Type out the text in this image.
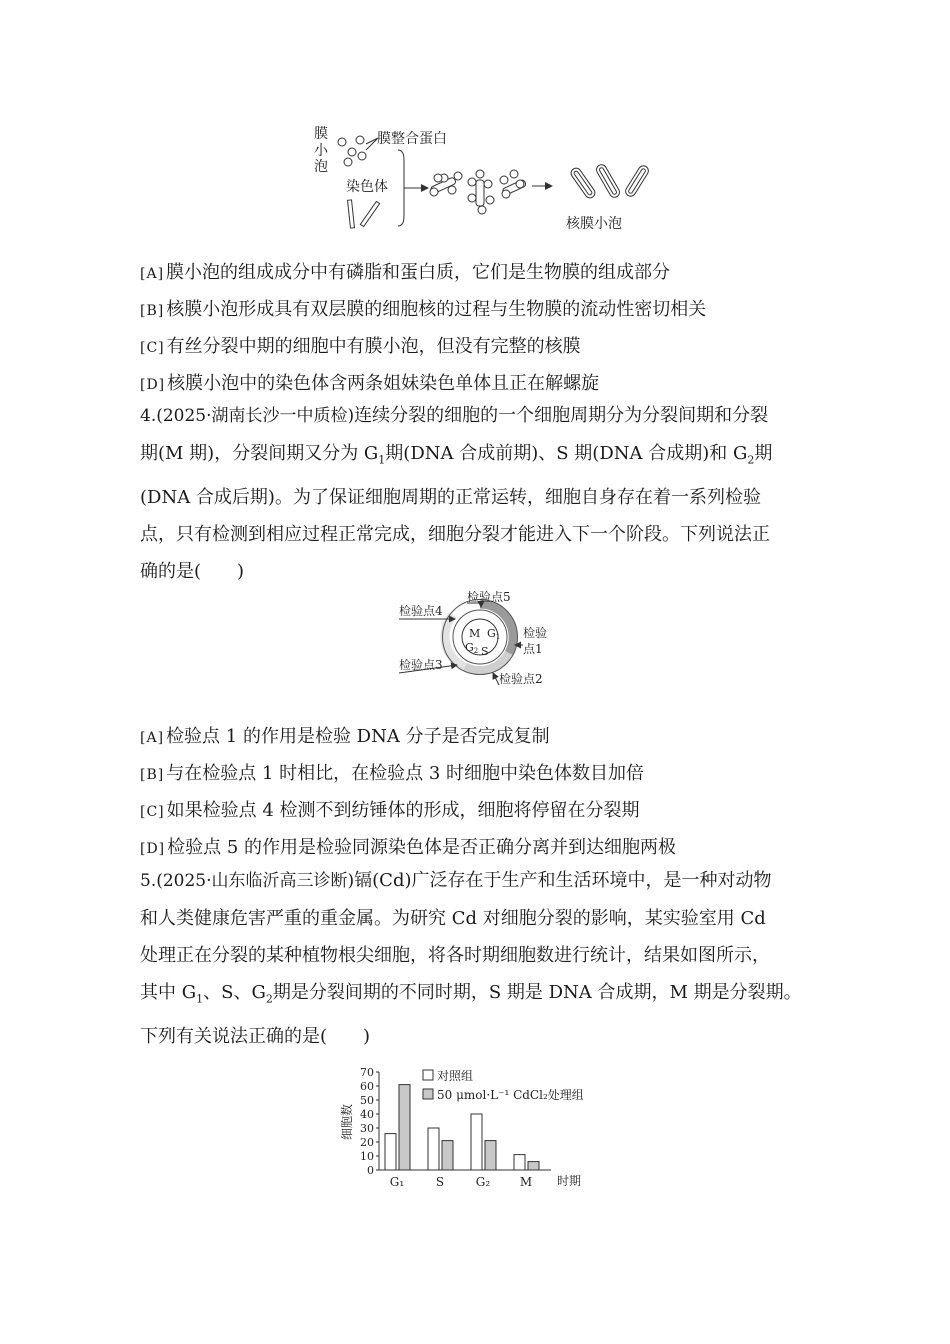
膜
小
泡
膜整合蛋白
染色体
核膜小泡
[A] 膜小泡的组成成分中有磷脂和蛋白质，它们是生物膜的组成部分
[B] 核膜小泡形成具有双层膜的细胞核的过程与生物膜的流动性密切相关
[C] 有丝分裂中期的细胞中有膜小泡，但没有完整的核膜
[D] 核膜小泡中的染色体含两条姐妹染色单体且正在解螺旋
4.(2025·湖南长沙一中质检)连续分裂的细胞的一个细胞周期分为分裂间期和分裂
期(M 期)，分裂间期又分为 $G_1$期(DNA 合成前期)、S 期(DNA 合成期)和 $G_2$期
(DNA 合成后期)。为了保证细胞周期的正常运转，细胞自身存在着一系列检验
点，只有检测到相应过程正常完成，细胞分裂才能进入下一个阶段。下列说法正
确的是(　　)
M G1
G2 S
检验点5
检验点4
检验点3
检验点2
检验
点1
[A] 检验点 1 的作用是检验 DNA 分子是否完成复制
[B] 与在检验点 1 时相比，在检验点 3 时细胞中染色体数目加倍
[C] 如果检验点 4 检测不到纺锤体的形成，细胞将停留在分裂期
[D] 检验点 5 的作用是检验同源染色体是否正确分离并到达细胞两极
5.(2025·山东临沂高三诊断)镉(Cd)广泛存在于生产和生活环境中，是一种对动物
和人类健康危害严重的重金属。为研究 Cd 对细胞分裂的影响，某实验室用 Cd
处理正在分裂的某种植物根尖细胞，将各时期细胞数进行统计，结果如图所示，
其中 $G_1$、S、$G_2$期是分裂间期的不同时期，S 期是 DNA 合成期，M 期是分裂期。
下列有关说法正确的是(　　)
细胞数
时期
0
10
20
30
40
50
60
70
G₁	S	G₂ M
对照组
50 μmol·L⁻¹ CdCl₂处理组
